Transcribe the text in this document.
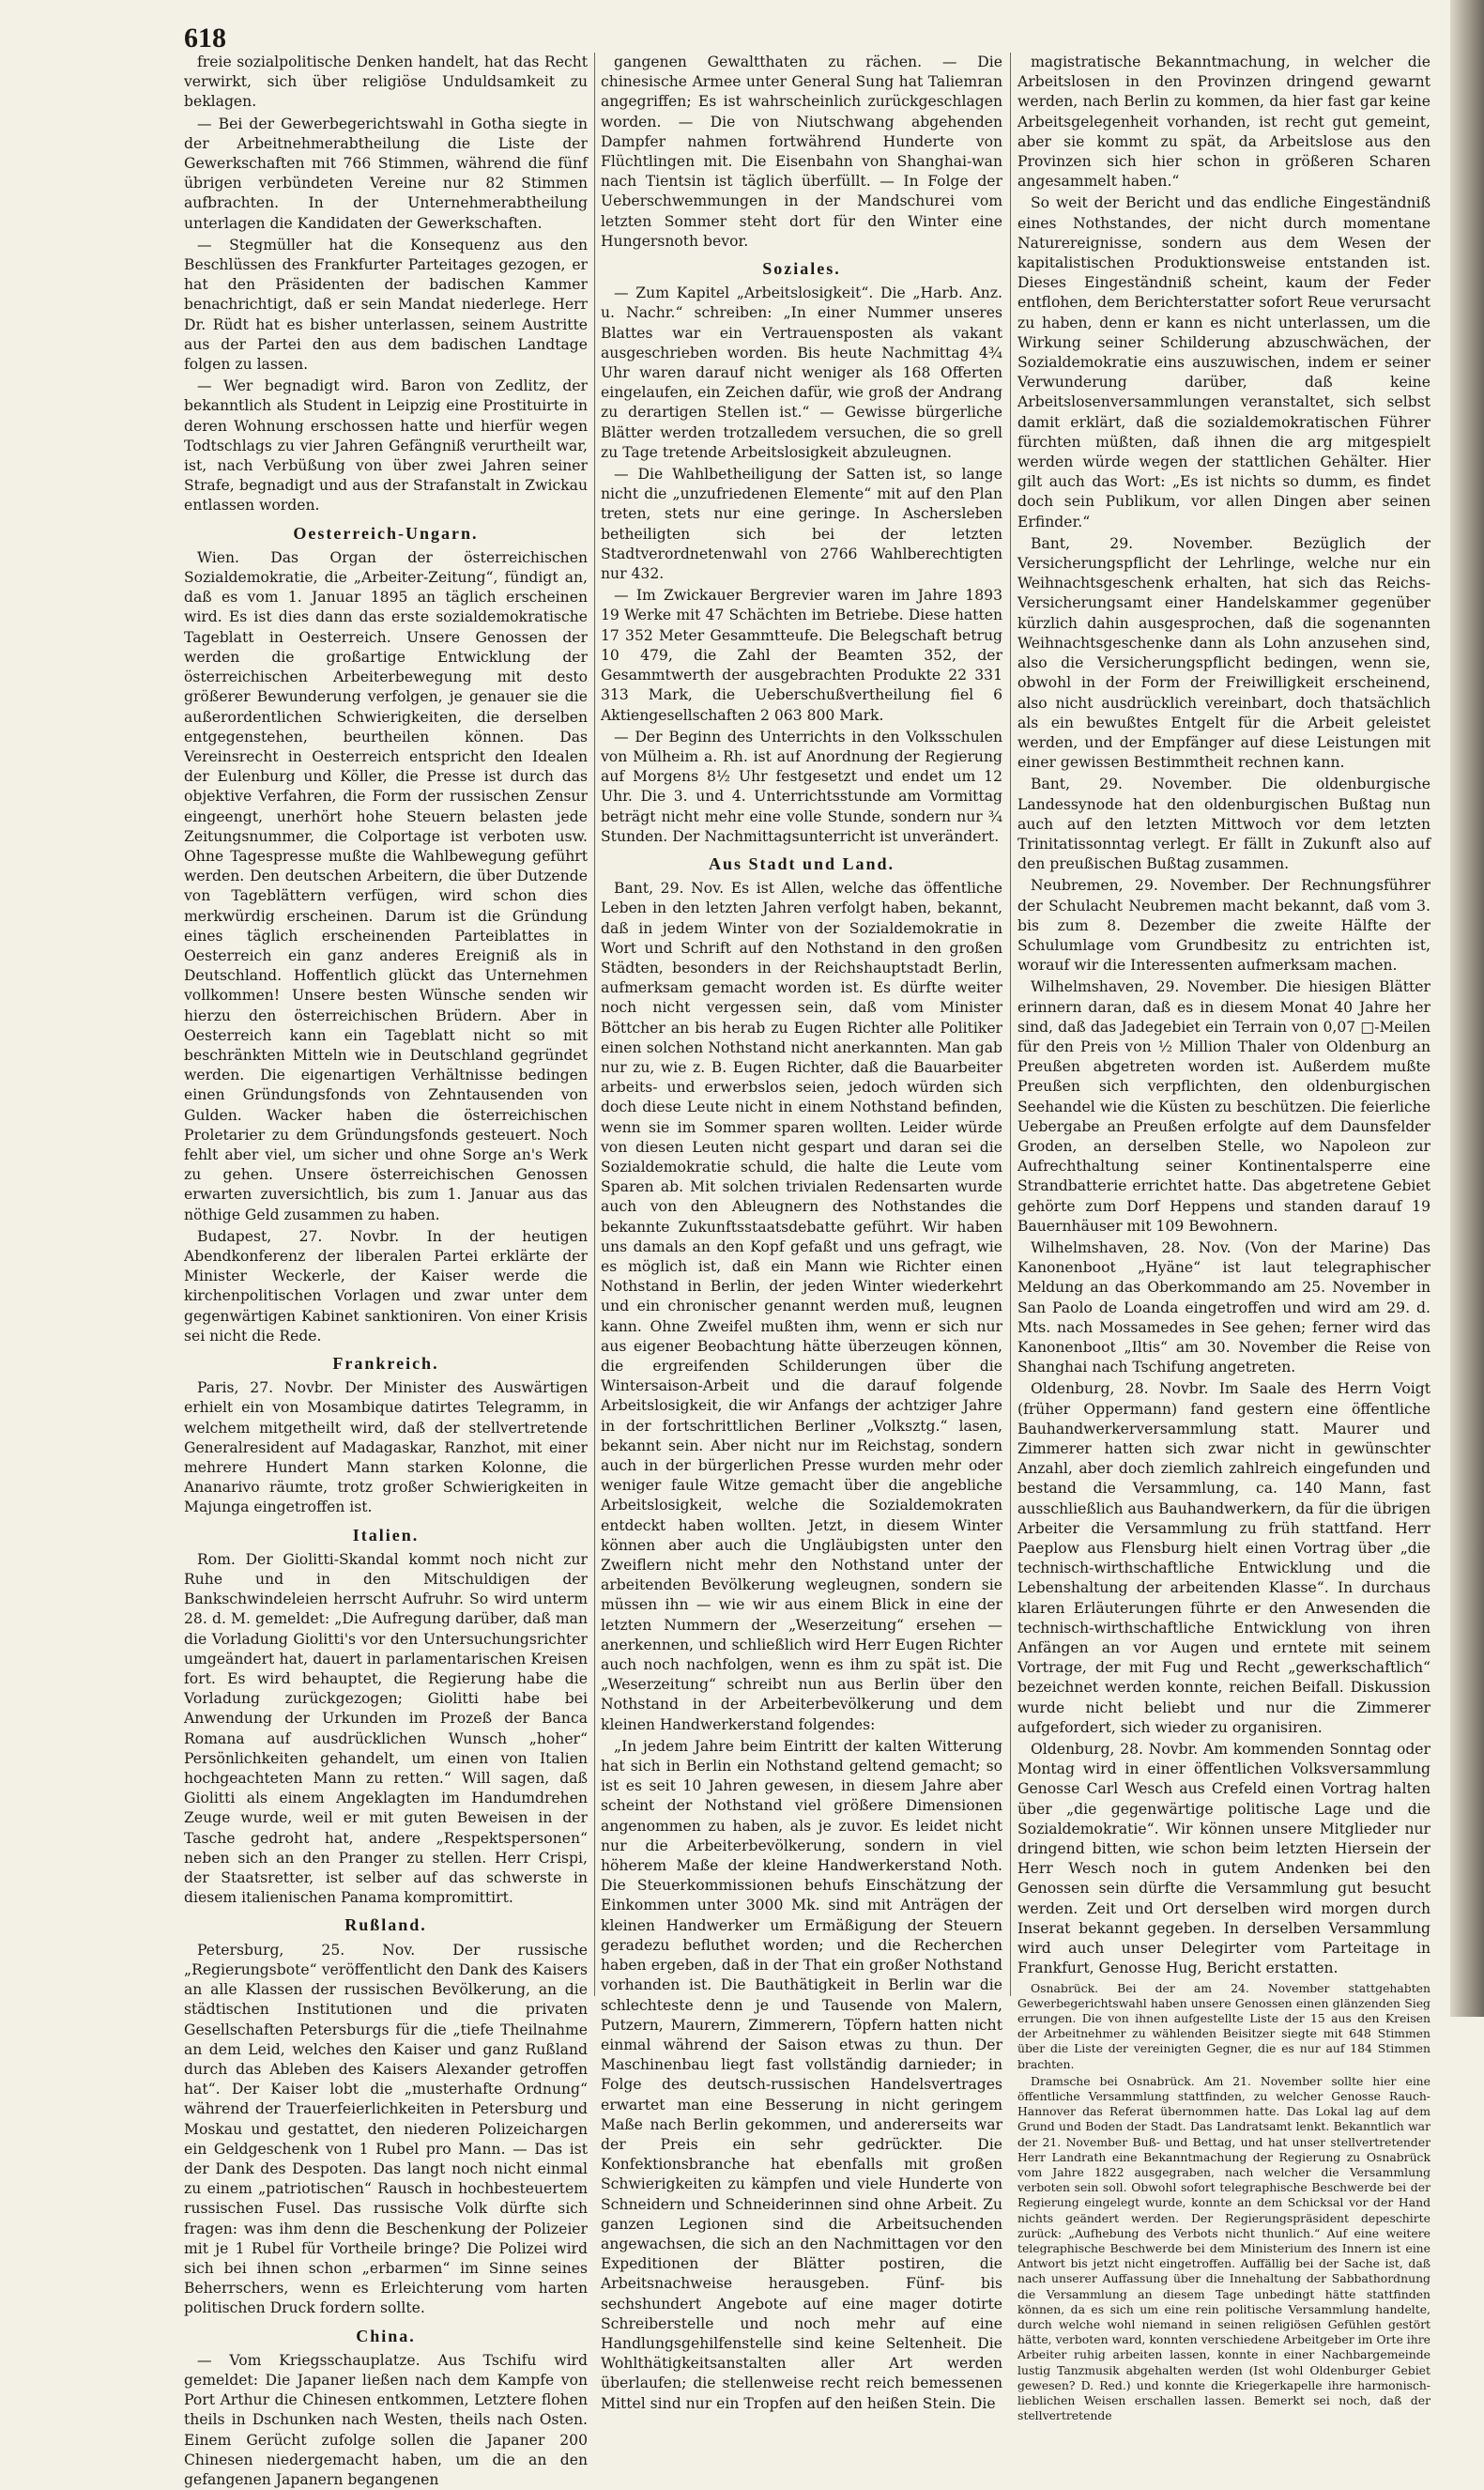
618

freie sozialpolitische Denken handelt, hat das Recht verwirkt, sich über religiöse Unduldsamkeit zu beklagen.

— Bei der Gewerbegerichtswahl in Gotha siegte in der Arbeitnehmerabtheilung die Liste der Gewerkschaften mit 766 Stimmen, während die fünf übrigen verbündeten Vereine nur 82 Stimmen aufbrachten. In der Unternehmerabtheilung unterlagen die Kandidaten der Gewerkschaften.

— Stegmüller hat die Konsequenz aus den Beschlüssen des Frankfurter Parteitages gezogen, er hat den Präsidenten der badischen Kammer benachrichtigt, daß er sein Mandat niederlege. Herr Dr. Rüdt hat es bisher unterlassen, seinem Austritte aus der Partei den aus dem badischen Landtage folgen zu lassen.

— Wer begnadigt wird. Baron von Zedlitz, der bekanntlich als Student in Leipzig eine Prostituirte in deren Wohnung erschossen hatte und hierfür wegen Todtschlags zu vier Jahren Gefängniß verurtheilt war, ist, nach Verbüßung von über zwei Jahren seiner Strafe, begnadigt und aus der Strafanstalt in Zwickau entlassen worden.

Oesterreich-Ungarn.

Wien. Das Organ der österreichischen Sozialdemokratie, die „Arbeiter-Zeitung“, fündigt an, daß es vom 1. Januar 1895 an täglich erscheinen wird. Es ist dies dann das erste sozialdemokratische Tageblatt in Oesterreich. Unsere Genossen der werden die großartige Entwicklung der österreichischen Arbeiterbewegung mit desto größerer Bewunderung verfolgen, je genauer sie die außerordentlichen Schwierigkeiten, die derselben entgegenstehen, beurtheilen können. Das Vereinsrecht in Oesterreich entspricht den Idealen der Eulenburg und Köller, die Presse ist durch das objektive Verfahren, die Form der russischen Zensur eingeengt, unerhört hohe Steuern belasten jede Zeitungsnummer, die Colportage ist verboten usw. Ohne Tagespresse mußte die Wahlbewegung geführt werden. Den deutschen Arbeitern, die über Dutzende von Tageblättern verfügen, wird schon dies merkwürdig erscheinen. Darum ist die Gründung eines täglich erscheinenden Parteiblattes in Oesterreich ein ganz anderes Ereigniß als in Deutschland. Hoffentlich glückt das Unternehmen vollkommen! Unsere besten Wünsche senden wir hierzu den österreichischen Brüdern. Aber in Oesterreich kann ein Tageblatt nicht so mit beschränkten Mitteln wie in Deutschland gegründet werden. Die eigenartigen Verhältnisse bedingen einen Gründungsfonds von Zehntausenden von Gulden. Wacker haben die österreichischen Proletarier zu dem Gründungsfonds gesteuert. Noch fehlt aber viel, um sicher und ohne Sorge an's Werk zu gehen. Unsere österreichischen Genossen erwarten zuversichtlich, bis zum 1. Januar aus das nöthige Geld zusammen zu haben.

Budapest, 27. Novbr. In der heutigen Abendkonferenz der liberalen Partei erklärte der Minister Weckerle, der Kaiser werde die kirchenpolitischen Vorlagen und zwar unter dem gegenwärtigen Kabinet sanktioniren. Von einer Krisis sei nicht die Rede.

Frankreich.

Paris, 27. Novbr. Der Minister des Auswärtigen erhielt ein von Mosambique datirtes Telegramm, in welchem mitgetheilt wird, daß der stellvertretende Generalresident auf Madagaskar, Ranzhot, mit einer mehrere Hundert Mann starken Kolonne, die Ananarivo räumte, trotz großer Schwierigkeiten in Majunga eingetroffen ist.

Italien.

Rom. Der Giolitti-Skandal kommt noch nicht zur Ruhe und in den Mitschuldigen der Bankschwindeleien herrscht Aufruhr. So wird unterm 28. d. M. gemeldet: „Die Aufregung darüber, daß man die Vorladung Giolitti's vor den Untersuchungsrichter umgeändert hat, dauert in parlamentarischen Kreisen fort. Es wird behauptet, die Regierung habe die Vorladung zurückgezogen; Giolitti habe bei Anwendung der Urkunden im Prozeß der Banca Romana auf ausdrücklichen Wunsch „hoher“ Persönlichkeiten gehandelt, um einen von Italien hochgeachteten Mann zu retten.“ Will sagen, daß Giolitti als einem Angeklagten im Handumdrehen Zeuge wurde, weil er mit guten Beweisen in der Tasche gedroht hat, andere „Respektspersonen“ neben sich an den Pranger zu stellen. Herr Crispi, der Staatsretter, ist selber auf das schwerste in diesem italienischen Panama kompromittirt.

Rußland.

Petersburg, 25. Nov. Der russische „Regierungsbote“ veröffentlicht den Dank des Kaisers an alle Klassen der russischen Bevölkerung, an die städtischen Institutionen und die privaten Gesellschaften Petersburgs für die „tiefe Theilnahme an dem Leid, welches den Kaiser und ganz Rußland durch das Ableben des Kaisers Alexander getroffen hat“. Der Kaiser lobt die „musterhafte Ordnung“ während der Trauerfeierlichkeiten in Petersburg und Moskau und gestattet, den niederen Polizeichargen ein Geldgeschenk von 1 Rubel pro Mann. — Das ist der Dank des Despoten. Das langt noch nicht einmal zu einem „patriotischen“ Rausch in hochbesteuertem russischen Fusel. Das russische Volk dürfte sich fragen: was ihm denn die Beschenkung der Polizeier mit je 1 Rubel für Vortheile bringe? Die Polizei wird sich bei ihnen schon „erbarmen“ im Sinne seines Beherrschers, wenn es Erleichterung vom harten politischen Druck fordern sollte.

China.

— Vom Kriegsschauplatze. Aus Tschifu wird gemeldet: Die Japaner ließen nach dem Kampfe von Port Arthur die Chinesen entkommen, Letztere flohen theils in Dschunken nach Westen, theils nach Osten. Einem Gerücht zufolge sollen die Japaner 200 Chinesen niedergemacht haben, um die an den gefangenen Japanern begangenen

gangenen Gewaltthaten zu rächen. — Die chinesische Armee unter General Sung hat Taliemran angegriffen; Es ist wahrscheinlich zurückgeschlagen worden. — Die von Niutschwang abgehenden Dampfer nahmen fortwährend Hunderte von Flüchtlingen mit. Die Eisenbahn von Shanghai-wan nach Tientsin ist täglich überfüllt. — In Folge der Ueberschwemmungen in der Mandschurei vom letzten Sommer steht dort für den Winter eine Hungersnoth bevor.

Soziales.

— Zum Kapitel „Arbeitslosigkeit“. Die „Harb. Anz. u. Nachr.“ schreiben: „In einer Nummer unseres Blattes war ein Vertrauensposten als vakant ausgeschrieben worden. Bis heute Nachmittag 4¾ Uhr waren darauf nicht weniger als 168 Offerten eingelaufen, ein Zeichen dafür, wie groß der Andrang zu derartigen Stellen ist.“ — Gewisse bürgerliche Blätter werden trotzalledem versuchen, die so grell zu Tage tretende Arbeitslosigkeit abzuleugnen.

— Die Wahlbetheiligung der Satten ist, so lange nicht die „unzufriedenen Elemente“ mit auf den Plan treten, stets nur eine geringe. In Aschersleben betheiligten sich bei der letzten Stadtverordnetenwahl von 2766 Wahlberechtigten nur 432.

— Im Zwickauer Bergrevier waren im Jahre 1893 19 Werke mit 47 Schächten im Betriebe. Diese hatten 17 352 Meter Gesammtteufe. Die Belegschaft betrug 10 479, die Zahl der Beamten 352, der Gesammtwerth der ausgebrachten Produkte 22 331 313 Mark, die Ueberschußvertheilung fiel 6 Aktiengesellschaften 2 063 800 Mark.

— Der Beginn des Unterrichts in den Volksschulen von Mülheim a. Rh. ist auf Anordnung der Regierung auf Morgens 8½ Uhr festgesetzt und endet um 12 Uhr. Die 3. und 4. Unterrichtsstunde am Vormittag beträgt nicht mehr eine volle Stunde, sondern nur ¾ Stunden. Der Nachmittagsunterricht ist unverändert.

Aus Stadt und Land.

Bant, 29. Nov. Es ist Allen, welche das öffentliche Leben in den letzten Jahren verfolgt haben, bekannt, daß in jedem Winter von der Sozialdemokratie in Wort und Schrift auf den Nothstand in den großen Städten, besonders in der Reichshauptstadt Berlin, aufmerksam gemacht worden ist. Es dürfte weiter noch nicht vergessen sein, daß vom Minister Böttcher an bis herab zu Eugen Richter alle Politiker einen solchen Nothstand nicht anerkannten. Man gab nur zu, wie z. B. Eugen Richter, daß die Bauarbeiter arbeits- und erwerbslos seien, jedoch würden sich doch diese Leute nicht in einem Nothstand befinden, wenn sie im Sommer sparen wollten. Leider würde von diesen Leuten nicht gespart und daran sei die Sozialdemokratie schuld, die halte die Leute vom Sparen ab. Mit solchen trivialen Redensarten wurde auch von den Ableugnern des Nothstandes die bekannte Zukunftsstaatsdebatte geführt. Wir haben uns damals an den Kopf gefaßt und uns gefragt, wie es möglich ist, daß ein Mann wie Richter einen Nothstand in Berlin, der jeden Winter wiederkehrt und ein chronischer genannt werden muß, leugnen kann. Ohne Zweifel mußten ihm, wenn er sich nur aus eigener Beobachtung hätte überzeugen können, die ergreifenden Schilderungen über die Wintersaison-Arbeit und die darauf folgende Arbeitslosigkeit, die wir Anfangs der achtziger Jahre in der fortschrittlichen Berliner „Volksztg.“ lasen, bekannt sein. Aber nicht nur im Reichstag, sondern auch in der bürgerlichen Presse wurden mehr oder weniger faule Witze gemacht über die angebliche Arbeitslosigkeit, welche die Sozialdemokraten entdeckt haben wollten. Jetzt, in diesem Winter können aber auch die Ungläubigsten unter den Zweiflern nicht mehr den Nothstand unter der arbeitenden Bevölkerung wegleugnen, sondern sie müssen ihn — wie wir aus einem Blick in eine der letzten Nummern der „Weserzeitung“ ersehen — anerkennen, und schließlich wird Herr Eugen Richter auch noch nachfolgen, wenn es ihm zu spät ist. Die „Weserzeitung“ schreibt nun aus Berlin über den Nothstand in der Arbeiterbevölkerung und dem kleinen Handwerkerstand folgendes:

„In jedem Jahre beim Eintritt der kalten Witterung hat sich in Berlin ein Nothstand geltend gemacht; so ist es seit 10 Jahren gewesen, in diesem Jahre aber scheint der Nothstand viel größere Dimensionen angenommen zu haben, als je zuvor. Es leidet nicht nur die Arbeiterbevölkerung, sondern in viel höherem Maße der kleine Handwerkerstand Noth. Die Steuerkommissionen behufs Einschätzung der Einkommen unter 3000 Mk. sind mit Anträgen der kleinen Handwerker um Ermäßigung der Steuern geradezu befluthet worden; und die Recherchen haben ergeben, daß in der That ein großer Nothstand vorhanden ist. Die Bauthätigkeit in Berlin war die schlechteste denn je und Tausende von Malern, Putzern, Maurern, Zimmerern, Töpfern hatten nicht einmal während der Saison etwas zu thun. Der Maschinenbau liegt fast vollständig darnieder; in Folge des deutsch-russischen Handelsvertrages erwartet man eine Besserung in nicht geringem Maße nach Berlin gekommen, und andererseits war der Preis ein sehr gedrückter. Die Konfektionsbranche hat ebenfalls mit großen Schwierigkeiten zu kämpfen und viele Hunderte von Schneidern und Schneiderinnen sind ohne Arbeit. Zu ganzen Legionen sind die Arbeitsuchenden angewachsen, die sich an den Nachmittagen vor den Expeditionen der Blätter postiren, die Arbeitsnachweise herausgeben. Fünf- bis sechshundert Angebote auf eine mager dotirte Schreiberstelle und noch mehr auf eine Handlungsgehilfenstelle sind keine Seltenheit. Die Wohlthätigkeitsanstalten aller Art werden überlaufen; die stellenweise recht reich bemessenen Mittel sind nur ein Tropfen auf den heißen Stein. Die

magistratische Bekanntmachung, in welcher die Arbeitslosen in den Provinzen dringend gewarnt werden, nach Berlin zu kommen, da hier fast gar keine Arbeitsgelegenheit vorhanden, ist recht gut gemeint, aber sie kommt zu spät, da Arbeitslose aus den Provinzen sich hier schon in größeren Scharen angesammelt haben.“

So weit der Bericht und das endliche Eingeständniß eines Nothstandes, der nicht durch momentane Naturereignisse, sondern aus dem Wesen der kapitalistischen Produktionsweise entstanden ist. Dieses Eingeständniß scheint, kaum der Feder entflohen, dem Berichterstatter sofort Reue verursacht zu haben, denn er kann es nicht unterlassen, um die Wirkung seiner Schilderung abzuschwächen, der Sozialdemokratie eins auszuwischen, indem er seiner Verwunderung darüber, daß keine Arbeitslosenversammlungen veranstaltet, sich selbst damit erklärt, daß die sozialdemokratischen Führer fürchten müßten, daß ihnen die arg mitgespielt werden würde wegen der stattlichen Gehälter. Hier gilt auch das Wort: „Es ist nichts so dumm, es findet doch sein Publikum, vor allen Dingen aber seinen Erfinder.“

Bant, 29. November. Bezüglich der Versicherungspflicht der Lehrlinge, welche nur ein Weihnachtsgeschenk erhalten, hat sich das Reichs-Versicherungsamt einer Handelskammer gegenüber kürzlich dahin ausgesprochen, daß die sogenannten Weihnachtsgeschenke dann als Lohn anzusehen sind, also die Versicherungspflicht bedingen, wenn sie, obwohl in der Form der Freiwilligkeit erscheinend, also nicht ausdrücklich vereinbart, doch thatsächlich als ein bewußtes Entgelt für die Arbeit geleistet werden, und der Empfänger auf diese Leistungen mit einer gewissen Bestimmtheit rechnen kann.

Bant, 29. November. Die oldenburgische Landessynode hat den oldenburgischen Bußtag nun auch auf den letzten Mittwoch vor dem letzten Trinitatissonntag verlegt. Er fällt in Zukunft also auf den preußischen Bußtag zusammen.

Neubremen, 29. November. Der Rechnungsführer der Schulacht Neubremen macht bekannt, daß vom 3. bis zum 8. Dezember die zweite Hälfte der Schulumlage vom Grundbesitz zu entrichten ist, worauf wir die Interessenten aufmerksam machen.

Wilhelmshaven, 29. November. Die hiesigen Blätter erinnern daran, daß es in diesem Monat 40 Jahre her sind, daß das Jadegebiet ein Terrain von 0,07 □-Meilen für den Preis von ½ Million Thaler von Oldenburg an Preußen abgetreten worden ist. Außerdem mußte Preußen sich verpflichten, den oldenburgischen Seehandel wie die Küsten zu beschützen. Die feierliche Uebergabe an Preußen erfolgte auf dem Daunsfelder Groden, an derselben Stelle, wo Napoleon zur Aufrechthaltung seiner Kontinentalsperre eine Strandbatterie errichtet hatte. Das abgetretene Gebiet gehörte zum Dorf Heppens und standen darauf 19 Bauernhäuser mit 109 Bewohnern.

Wilhelmshaven, 28. Nov. (Von der Marine) Das Kanonenboot „Hyäne“ ist laut telegraphischer Meldung an das Oberkommando am 25. November in San Paolo de Loanda eingetroffen und wird am 29. d. Mts. nach Mossamedes in See gehen; ferner wird das Kanonenboot „Iltis“ am 30. November die Reise von Shanghai nach Tschifung angetreten.

Oldenburg, 28. Novbr. Im Saale des Herrn Voigt (früher Oppermann) fand gestern eine öffentliche Bauhandwerkerversammlung statt. Maurer und Zimmerer hatten sich zwar nicht in gewünschter Anzahl, aber doch ziemlich zahlreich eingefunden und bestand die Versammlung, ca. 140 Mann, fast ausschließlich aus Bauhandwerkern, da für die übrigen Arbeiter die Versammlung zu früh stattfand. Herr Paeplow aus Flensburg hielt einen Vortrag über „die technisch-wirthschaftliche Entwicklung und die Lebenshaltung der arbeitenden Klasse“. In durchaus klaren Erläuterungen führte er den Anwesenden die technisch-wirthschaftliche Entwicklung von ihren Anfängen an vor Augen und erntete mit seinem Vortrage, der mit Fug und Recht „gewerkschaftlich“ bezeichnet werden konnte, reichen Beifall. Diskussion wurde nicht beliebt und nur die Zimmerer aufgefordert, sich wieder zu organisiren.

Oldenburg, 28. Novbr. Am kommenden Sonntag oder Montag wird in einer öffentlichen Volksversammlung Genosse Carl Wesch aus Crefeld einen Vortrag halten über „die gegenwärtige politische Lage und die Sozialdemokratie“. Wir können unsere Mitglieder nur dringend bitten, wie schon beim letzten Hiersein der Herr Wesch noch in gutem Andenken bei den Genossen sein dürfte die Versammlung gut besucht werden. Zeit und Ort derselben wird morgen durch Inserat bekannt gegeben. In derselben Versammlung wird auch unser Delegirter vom Parteitage in Frankfurt, Genosse Hug, Bericht erstatten.

Osnabrück. Bei der am 24. November stattgehabten Gewerbegerichtswahl haben unsere Genossen einen glänzenden Sieg errungen. Die von ihnen aufgestellte Liste der 15 aus den Kreisen der Arbeitnehmer zu wählenden Beisitzer siegte mit 648 Stimmen über die Liste der vereinigten Gegner, die es nur auf 184 Stimmen brachten.

Dramsche bei Osnabrück. Am 21. November sollte hier eine öffentliche Versammlung stattfinden, zu welcher Genosse Rauch-Hannover das Referat übernommen hatte. Das Lokal lag auf dem Grund und Boden der Stadt. Das Landratsamt lenkt. Bekanntlich war der 21. November Buß- und Bettag, und hat unser stellvertretender Herr Landrath eine Bekanntmachung der Regierung zu Osnabrück vom Jahre 1822 ausgegraben, nach welcher die Versammlung verboten sein soll. Obwohl sofort telegraphische Beschwerde bei der Regierung eingelegt wurde, konnte an dem Schicksal vor der Hand nichts geändert werden. Der Regierungspräsident depeschirte zurück: „Aufhebung des Verbots nicht thunlich.“ Auf eine weitere telegraphische Beschwerde bei dem Ministerium des Innern ist eine Antwort bis jetzt nicht eingetroffen. Auffällig bei der Sache ist, daß nach unserer Auffassung über die Innehaltung der Sabbathordnung die Versammlung an diesem Tage unbedingt hätte stattfinden können, da es sich um eine rein politische Versammlung handelte, durch welche wohl niemand in seinen religiösen Gefühlen gestört hätte, verboten ward, konnten verschiedene Arbeitgeber im Orte ihre Arbeiter ruhig arbeiten lassen, konnte in einer Nachbargemeinde lustig Tanzmusik abgehalten werden (Ist wohl Oldenburger Gebiet gewesen? D. Red.) und konnte die Kriegerkapelle ihre harmonisch-lieblichen Weisen erschallen lassen. Bemerkt sei noch, daß der stellvertretende
